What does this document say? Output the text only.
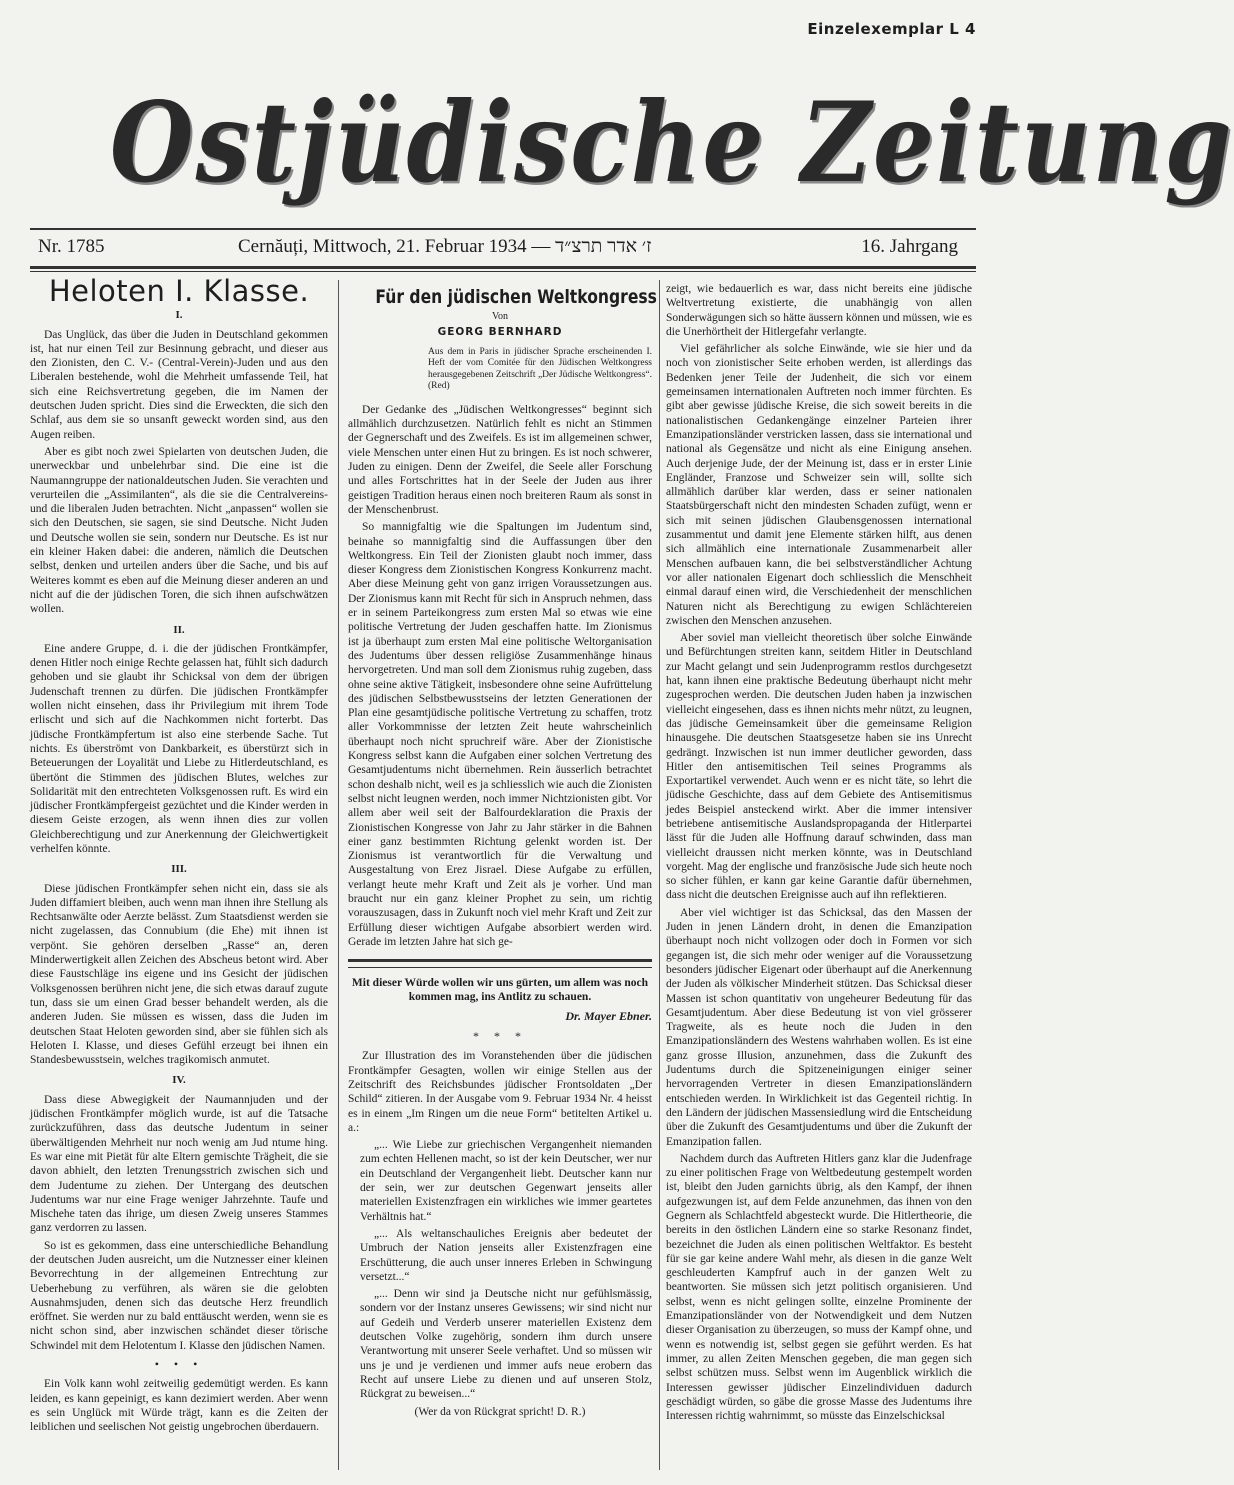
Einzelexemplar L 4
Ostjüdische Zeitung
Nr. 1785	Cernăuți, Mittwoch, 21. Februar 1934 — ז׳ אדר תרצ״ד	16. Jahrgang
Heloten I. Klasse.
I.

Das Unglück, das über die Juden in Deutschland gekommen ist, hat nur einen Teil zur Besinnung gebracht, und dieser aus den Zionisten, den C. V.- (Central-Verein)-Juden und aus den Liberalen bestehende, wohl die Mehrheit umfassende Teil, hat sich eine Reichsvertretung gegeben, die im Namen der deutschen Juden spricht. Dies sind die Erweckten, die sich den Schlaf, aus dem sie so unsanft geweckt worden sind, aus den Augen reiben.

Aber es gibt noch zwei Spielarten von deutschen Juden, die unerweckbar und unbelehrbar sind. Die eine ist die Naumanngruppe der nationaldeutschen Juden. Sie verachten und verurteilen die „Assimilanten“, als die sie die Centralvereins- und die liberalen Juden betrachten. Nicht „anpassen“ wollen sie sich den Deutschen, sie sagen, sie sind Deutsche. Nicht Juden und Deutsche wollen sie sein, sondern nur Deutsche. Es ist nur ein kleiner Haken dabei: die anderen, nämlich die Deutschen selbst, denken und urteilen anders über die Sache, und bis auf Weiteres kommt es eben auf die Meinung dieser anderen an und nicht auf die der jüdischen Toren, die sich ihnen aufschwätzen wollen.

II.

Eine andere Gruppe, d. i. die der jüdischen Frontkämpfer, denen Hitler noch einige Rechte gelassen hat, fühlt sich dadurch gehoben und sie glaubt ihr Schicksal von dem der übrigen Judenschaft trennen zu dürfen. Die jüdischen Frontkämpfer wollen nicht einsehen, dass ihr Privilegium mit ihrem Tode erlischt und sich auf die Nachkommen nicht forterbt. Das jüdische Frontkämpfertum ist also eine sterbende Sache. Tut nichts. Es überströmt von Dankbarkeit, es überstürzt sich in Beteuerungen der Loyalität und Liebe zu Hitlerdeutschland, es übertönt die Stimmen des jüdischen Blutes, welches zur Solidarität mit den entrechteten Volksgenossen ruft. Es wird ein jüdischer Frontkämpfergeist gezüchtet und die Kinder werden in diesem Geiste erzogen, als wenn ihnen dies zur vollen Gleichberechtigung und zur Anerkennung der Gleichwertigkeit verhelfen könnte.

III.

Diese jüdischen Frontkämpfer sehen nicht ein, dass sie als Juden diffamiert bleiben, auch wenn man ihnen ihre Stellung als Rechtsanwälte oder Aerzte belässt. Zum Staatsdienst werden sie nicht zugelassen, das Connubium (die Ehe) mit ihnen ist verpönt. Sie gehören derselben „Rasse“ an, deren Minderwertigkeit allen Zeichen des Abscheus betont wird. Aber diese Faustschläge ins eigene und ins Gesicht der jüdischen Volksgenossen berühren nicht jene, die sich etwas darauf zugute tun, dass sie um einen Grad besser behandelt werden, als die anderen Juden. Sie müssen es wissen, dass die Juden im deutschen Staat Heloten geworden sind, aber sie fühlen sich als Heloten I. Klasse, und dieses Gefühl erzeugt bei ihnen ein Standesbewusstsein, welches tragikomisch anmutet.

IV.

Dass diese Abwegigkeit der Naumannjuden und der jüdischen Frontkämpfer möglich wurde, ist auf die Tatsache zurückzuführen, dass das deutsche Judentum in seiner überwältigenden Mehrheit nur noch wenig am Jud ntume hing. Es war eine mit Pietät für alte Eltern gemischte Trägheit, die sie davon abhielt, den letzten Trenungsstrich zwischen sich und dem Judentume zu ziehen. Der Untergang des deutschen Judentums war nur eine Frage weniger Jahrzehnte. Taufe und Mischehe taten das ihrige, um diesen Zweig unseres Stammes ganz verdorren zu lassen.

So ist es gekommen, dass eine unterschiedliche Behandlung der deutschen Juden ausreicht, um die Nutznesser einer kleinen Bevorrechtung in der allgemeinen Entrechtung zur Ueberhebung zu verführen, als wären sie die gelobten Ausnahmsjuden, denen sich das deutsche Herz freundlich eröffnet. Sie werden nur zu bald enttäuscht werden, wenn sie es nicht schon sind, aber inzwischen schändet dieser törische Schwindel mit dem Helotentum I. Klasse den jüdischen Namen.

• • •

Ein Volk kann wohl zeitweilig gedemütigt werden. Es kann leiden, es kann gepeinigt, es kann dezimiert werden. Aber wenn es sein Unglück mit Würde trägt, kann es die Zeiten der leiblichen und seelischen Not geistig ungebrochen überdauern.

Für den jüdischen Weltkongress
Von
GEORG BERNHARD
Aus dem in Paris in jüdischer Sprache erscheinenden I. Heft der vom Comitée für den Jüdischen Weltkongress herausgegebenen Zeitschrift „Der Jüdische Weltkongress“. (Red)

Der Gedanke des „Jüdischen Weltkongresses“ beginnt sich allmählich durchzusetzen. Natürlich fehlt es nicht an Stimmen der Gegnerschaft und des Zweifels. Es ist im allgemeinen schwer, viele Menschen unter einen Hut zu bringen. Es ist noch schwerer, Juden zu einigen. Denn der Zweifel, die Seele aller Forschung und alles Fortschrittes hat in der Seele der Juden aus ihrer geistigen Tradition heraus einen noch breiteren Raum als sonst in der Menschenbrust.

So mannigfaltig wie die Spaltungen im Judentum sind, beinahe so mannigfaltig sind die Auffassungen über den Weltkongress. Ein Teil der Zionisten glaubt noch immer, dass dieser Kongress dem Zionistischen Kongress Konkurrenz macht. Aber diese Meinung geht von ganz irrigen Voraussetzungen aus. Der Zionismus kann mit Recht für sich in Anspruch nehmen, dass er in seinem Parteikongress zum ersten Mal so etwas wie eine politische Vertretung der Juden geschaffen hatte. Im Zionismus ist ja überhaupt zum ersten Mal eine politische Weltorganisation des Judentums über dessen religiöse Zusammenhänge hinaus hervorgetreten. Und man soll dem Zionismus ruhig zugeben, dass ohne seine aktive Tätigkeit, insbesondere ohne seine Aufrüttelung des jüdischen Selbstbewusstseins der letzten Generationen der Plan eine gesamtjüdische politische Vertretung zu schaffen, trotz aller Vorkommnisse der letzten Zeit heute wahrscheinlich überhaupt noch nicht spruchreif wäre. Aber der Zionistische Kongress selbst kann die Aufgaben einer solchen Vertretung des Gesamtjudentums nicht übernehmen. Rein äusserlich betrachtet schon deshalb nicht, weil es ja schliesslich wie auch die Zionisten selbst nicht leugnen werden, noch immer Nichtzionisten gibt. Vor allem aber weil seit der Balfourdeklaration die Praxis der Zionistischen Kongresse von Jahr zu Jahr stärker in die Bahnen einer ganz bestimmten Richtung gelenkt worden ist. Der Zionismus ist verantwortlich für die Verwaltung und Ausgestaltung von Erez Jisrael. Diese Aufgabe zu erfüllen, verlangt heute mehr Kraft und Zeit als je vorher. Und man braucht nur ein ganz kleiner Prophet zu sein, um richtig vorauszusagen, dass in Zukunft noch viel mehr Kraft und Zeit zur Erfüllung dieser wichtigen Aufgabe absorbiert werden wird. Gerade im letzten Jahre hat sich ge-

Mit dieser Würde wollen wir uns gürten, um allem was noch kommen mag, ins Antlitz zu schauen.
Dr. Mayer Ebner.
* * *

Zur Illustration des im Voranstehenden über die jüdischen Frontkämpfer Gesagten, wollen wir einige Stellen aus der Zeitschrift des Reichsbundes jüdischer Frontsoldaten „Der Schild“ zitieren. In der Ausgabe vom 9. Februar 1934 Nr. 4 heisst es in einem „Im Ringen um die neue Form“ betitelten Artikel u. a.:

„... Wie Liebe zur griechischen Vergangenheit niemanden zum echten Hellenen macht, so ist der kein Deutscher, wer nur ein Deutschland der Vergangenheit liebt. Deutscher kann nur der sein, wer zur deutschen Gegenwart jenseits aller materiellen Existenzfragen ein wirkliches wie immer geartetes Verhältnis hat.“

„... Als weltanschauliches Ereignis aber bedeutet der Umbruch der Nation jenseits aller Existenzfragen eine Erschütterung, die auch unser inneres Erleben in Schwingung versetzt...“

„... Denn wir sind ja Deutsche nicht nur gefühlsmässig, sondern vor der Instanz unseres Gewissens; wir sind nicht nur auf Gedeih und Verderb unserer materiellen Existenz dem deutschen Volke zugehörig, sondern ihm durch unsere Verantwortung mit unserer Seele verhaftet. Und so müssen wir uns je und je verdienen und immer aufs neue erobern das Recht auf unsere Liebe zu dienen und auf unseren Stolz, Rückgrat zu beweisen...“

(Wer da von Rückgrat spricht! D. R.)

zeigt, wie bedauerlich es war, dass nicht bereits eine jüdische Weltvertretung existierte, die unabhängig von allen Sonderwägungen sich so hätte äussern können und müssen, wie es die Unerhörtheit der Hitlergefahr verlangte.

Viel gefährlicher als solche Einwände, wie sie hier und da noch von zionistischer Seite erhoben werden, ist allerdings das Bedenken jener Teile der Judenheit, die sich vor einem gemeinsamen internationalen Auftreten noch immer fürchten. Es gibt aber gewisse jüdische Kreise, die sich soweit bereits in die nationalistischen Gedankengänge einzelner Parteien ihrer Emanzipationsländer verstricken lassen, dass sie international und national als Gegensätze und nicht als eine Einigung ansehen. Auch derjenige Jude, der der Meinung ist, dass er in erster Linie Engländer, Franzose und Schweizer sein will, sollte sich allmählich darüber klar werden, dass er seiner nationalen Staatsbürgerschaft nicht den mindesten Schaden zufügt, wenn er sich mit seinen jüdischen Glaubensgenossen international zusammentut und damit jene Elemente stärken hilft, aus denen sich allmählich eine internationale Zusammenarbeit aller Menschen aufbauen kann, die bei selbstverständlicher Achtung vor aller nationalen Eigenart doch schliesslich die Menschheit einmal darauf einen wird, die Verschiedenheit der menschlichen Naturen nicht als Berechtigung zu ewigen Schlächtereien zwischen den Menschen anzusehen.

Aber soviel man vielleicht theoretisch über solche Einwände und Befürchtungen streiten kann, seitdem Hitler in Deutschland zur Macht gelangt und sein Judenprogramm restlos durchgesetzt hat, kann ihnen eine praktische Bedeutung überhaupt nicht mehr zugesprochen werden. Die deutschen Juden haben ja inzwischen vielleicht eingesehen, dass es ihnen nichts mehr nützt, zu leugnen, das jüdische Gemeinsamkeit über die gemeinsame Religion hinausgehe. Die deutschen Staatsgesetze haben sie ins Unrecht gedrängt. Inzwischen ist nun immer deutlicher geworden, dass Hitler den antisemitischen Teil seines Programms als Exportartikel verwendet. Auch wenn er es nicht täte, so lehrt die jüdische Geschichte, dass auf dem Gebiete des Antisemitismus jedes Beispiel ansteckend wirkt. Aber die immer intensiver betriebene antisemitische Auslandspropaganda der Hitlerpartei lässt für die Juden alle Hoffnung darauf schwinden, dass man vielleicht draussen nicht merken könnte, was in Deutschland vorgeht. Mag der englische und französische Jude sich heute noch so sicher fühlen, er kann gar keine Garantie dafür übernehmen, dass nicht die deutschen Ereignisse auch auf ihn reflektieren.

Aber viel wichtiger ist das Schicksal, das den Massen der Juden in jenen Ländern droht, in denen die Emanzipation überhaupt noch nicht vollzogen oder doch in Formen vor sich gegangen ist, die sich mehr oder weniger auf die Voraussetzung besonders jüdischer Eigenart oder überhaupt auf die Anerkennung der Juden als völkischer Minderheit stützen. Das Schicksal dieser Massen ist schon quantitativ von ungeheurer Bedeutung für das Gesamtjudentum. Aber diese Bedeutung ist von viel grösserer Tragweite, als es heute noch die Juden in den Emanzipationsländern des Westens wahrhaben wollen. Es ist eine ganz grosse Illusion, anzunehmen, dass die Zukunft des Judentums durch die Spitzeneinigungen einiger seiner hervorragenden Vertreter in diesen Emanzipationsländern entschieden werden. In Wirklichkeit ist das Gegenteil richtig. In den Ländern der jüdischen Massensiedlung wird die Entscheidung über die Zukunft des Gesamtjudentums und über die Zukunft der Emanzipation fallen.

Nachdem durch das Auftreten Hitlers ganz klar die Judenfrage zu einer politischen Frage von Weltbedeutung gestempelt worden ist, bleibt den Juden garnichts übrig, als den Kampf, der ihnen aufgezwungen ist, auf dem Felde anzunehmen, das ihnen von den Gegnern als Schlachtfeld abgesteckt wurde. Die Hitlertheorie, die bereits in den östlichen Ländern eine so starke Resonanz findet, bezeichnet die Juden als einen politischen Weltfaktor. Es besteht für sie gar keine andere Wahl mehr, als diesen in die ganze Welt geschleuderten Kampfruf auch in der ganzen Welt zu beantworten. Sie müssen sich jetzt politisch organisieren. Und selbst, wenn es nicht gelingen sollte, einzelne Prominente der Emanzipationsländer von der Notwendigkeit und dem Nutzen dieser Organisation zu überzeugen, so muss der Kampf ohne, und wenn es notwendig ist, selbst gegen sie geführt werden. Es hat immer, zu allen Zeiten Menschen gegeben, die man gegen sich selbst schützen muss. Selbst wenn im Augenblick wirklich die Interessen gewisser jüdischer Einzelindividuen dadurch geschädigt würden, so gäbe die grosse Masse des Judentums ihre Interessen richtig wahrnimmt, so müsste das Einzelschicksal
